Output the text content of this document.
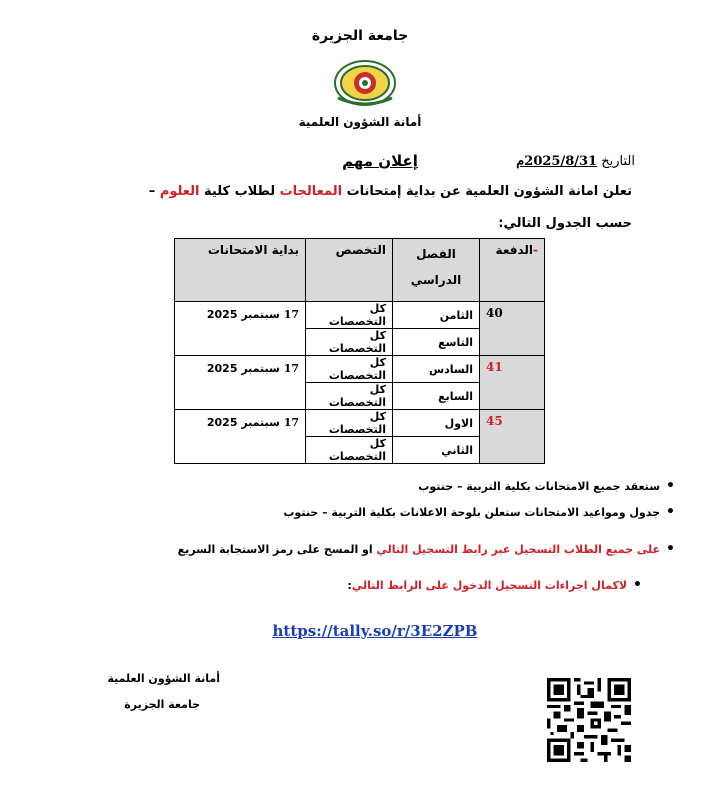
جامعة الجزيرة
أمانة الشؤون العلمية
التاريخ 2025/8/31م
إعلان مهم
تعلن امانة الشؤون العلمية عن بداية إمتحانات المعالجات لطلاب كلية العلوم –
حسب الجدول التالي:
-الدفعة	الفصل الدراسي	التخصص	بداية الامتحانات
40	الثامن	كل التخصصات	17 سبتمبر 2025
	التاسع	كل التخصصات	
41	السادس	كل التخصصات	17 سبتمبر 2025
	السابع	كل التخصصات	
45	الاول	كل التخصصات	17 سبتمبر 2025
	الثاني	كل التخصصات	
•ستعقد جميع الامتحانات بكلية التربية – حنتوب
•جدول ومواعيد الامتحانات ستعلن بلوحة الاعلانات بكلية التربية – حنتوب
•على جميع الطلاب التسجيل عبر رابط التسجيل التالي او المسح على رمز الاستجابة السريع
•لاكمال اجراءات التسجيل الدخول على الرابط التالي:
https://tally.so/r/3E2ZPB
أمانة الشؤون العلمية
جامعة الجزيرة
